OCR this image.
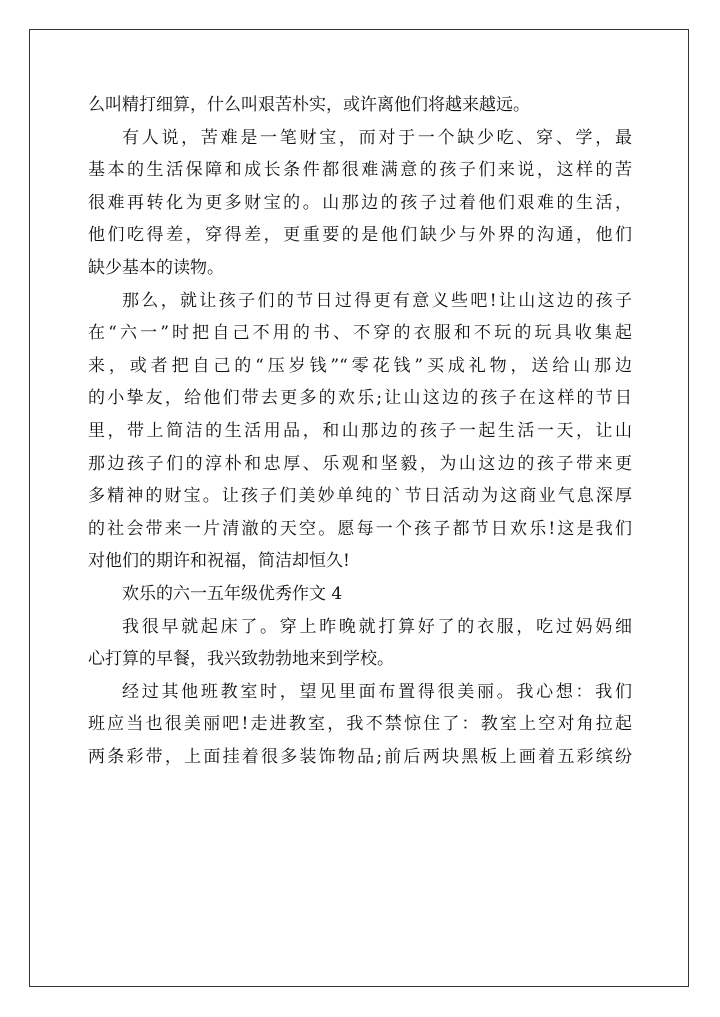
么叫精打细算，什么叫艰苦朴实，或许离他们将越来越远。
有人说，苦难是一笔财宝，而对于一个缺少吃、穿、学，最
基本的生活保障和成长条件都很难满意的孩子们来说，这样的苦
很难再转化为更多财宝的。山那边的孩子过着他们艰难的生活，
他们吃得差，穿得差，更重要的是他们缺少与外界的沟通，他们
缺少基本的读物。
那么，就让孩子们的节日过得更有意义些吧!让山这边的孩子
在“六一”时把自己不用的书、不穿的衣服和不玩的玩具收集起
来，或者把自己的“压岁钱”“零花钱”买成礼物，送给山那边
的小挚友，给他们带去更多的欢乐;让山这边的孩子在这样的节日
里，带上简洁的生活用品，和山那边的孩子一起生活一天，让山
那边孩子们的淳朴和忠厚、乐观和坚毅，为山这边的孩子带来更
多精神的财宝。让孩子们美妙单纯的`节日活动为这商业气息深厚
的社会带来一片清澈的天空。愿每一个孩子都节日欢乐!这是我们
对他们的期许和祝福，简洁却恒久!
欢乐的六一五年级优秀作文 4
我很早就起床了。穿上昨晚就打算好了的衣服，吃过妈妈细
心打算的早餐，我兴致勃勃地来到学校。
经过其他班教室时，望见里面布置得很美丽。我心想：我们
班应当也很美丽吧!走进教室，我不禁惊住了：教室上空对角拉起
两条彩带，上面挂着很多装饰物品;前后两块黑板上画着五彩缤纷
